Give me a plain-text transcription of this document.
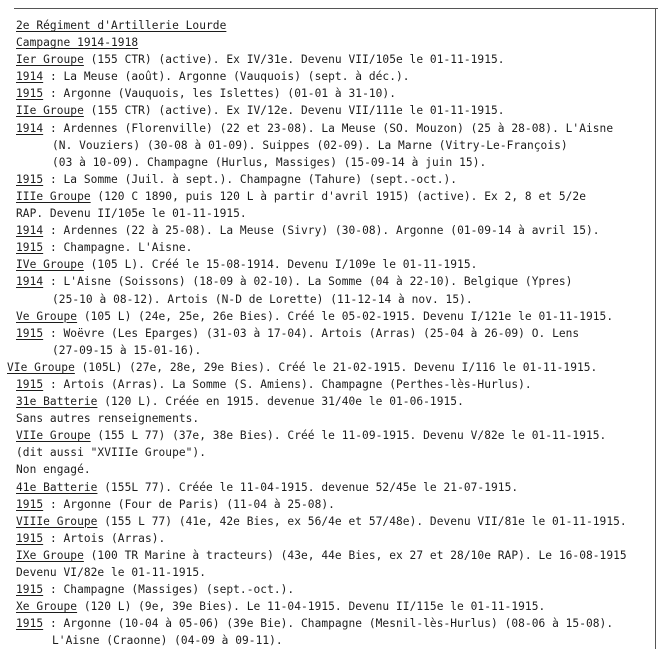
2e Régiment d'Artillerie Lourde
Campagne 1914-1918
Ier Groupe (155 CTR) (active). Ex IV/31e. Devenu VII/105e le 01-11-1915.
1914 : La Meuse (août). Argonne (Vauquois) (sept. à déc.).
1915 : Argonne (Vauquois, les Islettes) (01-01 à 31-10).
IIe Groupe (155 CTR) (active). Ex IV/12e. Devenu VII/111e le 01-11-1915.
1914 : Ardennes (Florenville) (22 et 23-08). La Meuse (SO. Mouzon) (25 à 28-08). L'Aisne
(N. Vouziers) (30-08 à 01-09). Suippes (02-09). La Marne (Vitry-Le-François)
(03 à 10-09). Champagne (Hurlus, Massiges) (15-09-14 à juin 15).
1915 : La Somme (Juil. à sept.). Champagne (Tahure) (sept.-oct.).
IIIe Groupe (120 C 1890, puis 120 L à partir d'avril 1915) (active). Ex 2, 8 et 5/2e
RAP. Devenu II/105e le 01-11-1915.
1914 : Ardennes (22 à 25-08). La Meuse (Sivry) (30-08). Argonne (01-09-14 à avril 15).
1915 : Champagne. L'Aisne.
IVe Groupe (105 L). Créé le 15-08-1914. Devenu I/109e le 01-11-1915.
1914 : L'Aisne (Soissons) (18-09 à 02-10). La Somme (04 à 22-10). Belgique (Ypres)
(25-10 à 08-12). Artois (N-D de Lorette) (11-12-14 à nov. 15).
Ve Groupe (105 L) (24e, 25e, 26e Bies). Créé le 05-02-1915. Devenu I/121e le 01-11-1915.
1915 : Woëvre (Les Eparges) (31-03 à 17-04). Artois (Arras) (25-04 à 26-09) O. Lens
(27-09-15 à 15-01-16).
VIe Groupe (105L) (27e, 28e, 29e Bies). Créé le 21-02-1915. Devenu I/116 le 01-11-1915.
1915 : Artois (Arras). La Somme (S. Amiens). Champagne (Perthes-lès-Hurlus).
31e Batterie (120 L). Créée en 1915. devenue 31/40e le 01-06-1915.
Sans autres renseignements.
VIIe Groupe (155 L 77) (37e, 38e Bies). Créé le 11-09-1915. Devenu V/82e le 01-11-1915.
(dit aussi "XVIIIe Groupe").
Non engagé.
41e Batterie (155L 77). Créée le 11-04-1915. devenue 52/45e le 21-07-1915.
1915 : Argonne (Four de Paris) (11-04 à 25-08).
VIIIe Groupe (155 L 77) (41e, 42e Bies, ex 56/4e et 57/48e). Devenu VII/81e le 01-11-1915.
1915 : Artois (Arras).
IXe Groupe (100 TR Marine à tracteurs) (43e, 44e Bies, ex 27 et 28/10e RAP). Le 16-08-1915
Devenu VI/82e le 01-11-1915.
1915 : Champagne (Massiges) (sept.-oct.).
Xe Groupe (120 L) (9e, 39e Bies). Le 11-04-1915. Devenu II/115e le 01-11-1915.
1915 : Argonne (10-04 à 05-06) (39e Bie). Champagne (Mesnil-lès-Hurlus) (08-06 à 15-08).
L'Aisne (Craonne) (04-09 à 09-11).
